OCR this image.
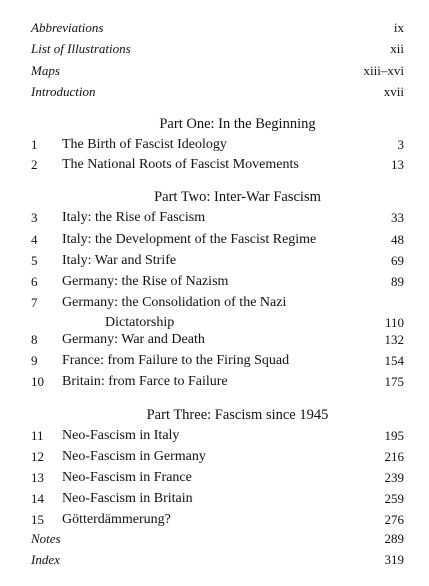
Abbreviations	ix
List of Illustrations	xii
Maps	xiii–xvi
Introduction	xvii
Part One: In the Beginning
1	The Birth of Fascist Ideology	3
2	The National Roots of Fascist Movements	13
Part Two: Inter-War Fascism
3	Italy: the Rise of Fascism	33
4	Italy: the Development of the Fascist Regime	48
5	Italy: War and Strife	69
6	Germany: the Rise of Nazism	89
7	Germany: the Consolidation of the Nazi
Dictatorship	110
8	Germany: War and Death	132
9	France: from Failure to the Firing Squad	154
10	Britain: from Farce to Failure	175
Part Three: Fascism since 1945
11	Neo-Fascism in Italy	195
12	Neo-Fascism in Germany	216
13	Neo-Fascism in France	239
14	Neo-Fascism in Britain	259
15	Götterdämmerung?	276
Notes	289
Index	319
